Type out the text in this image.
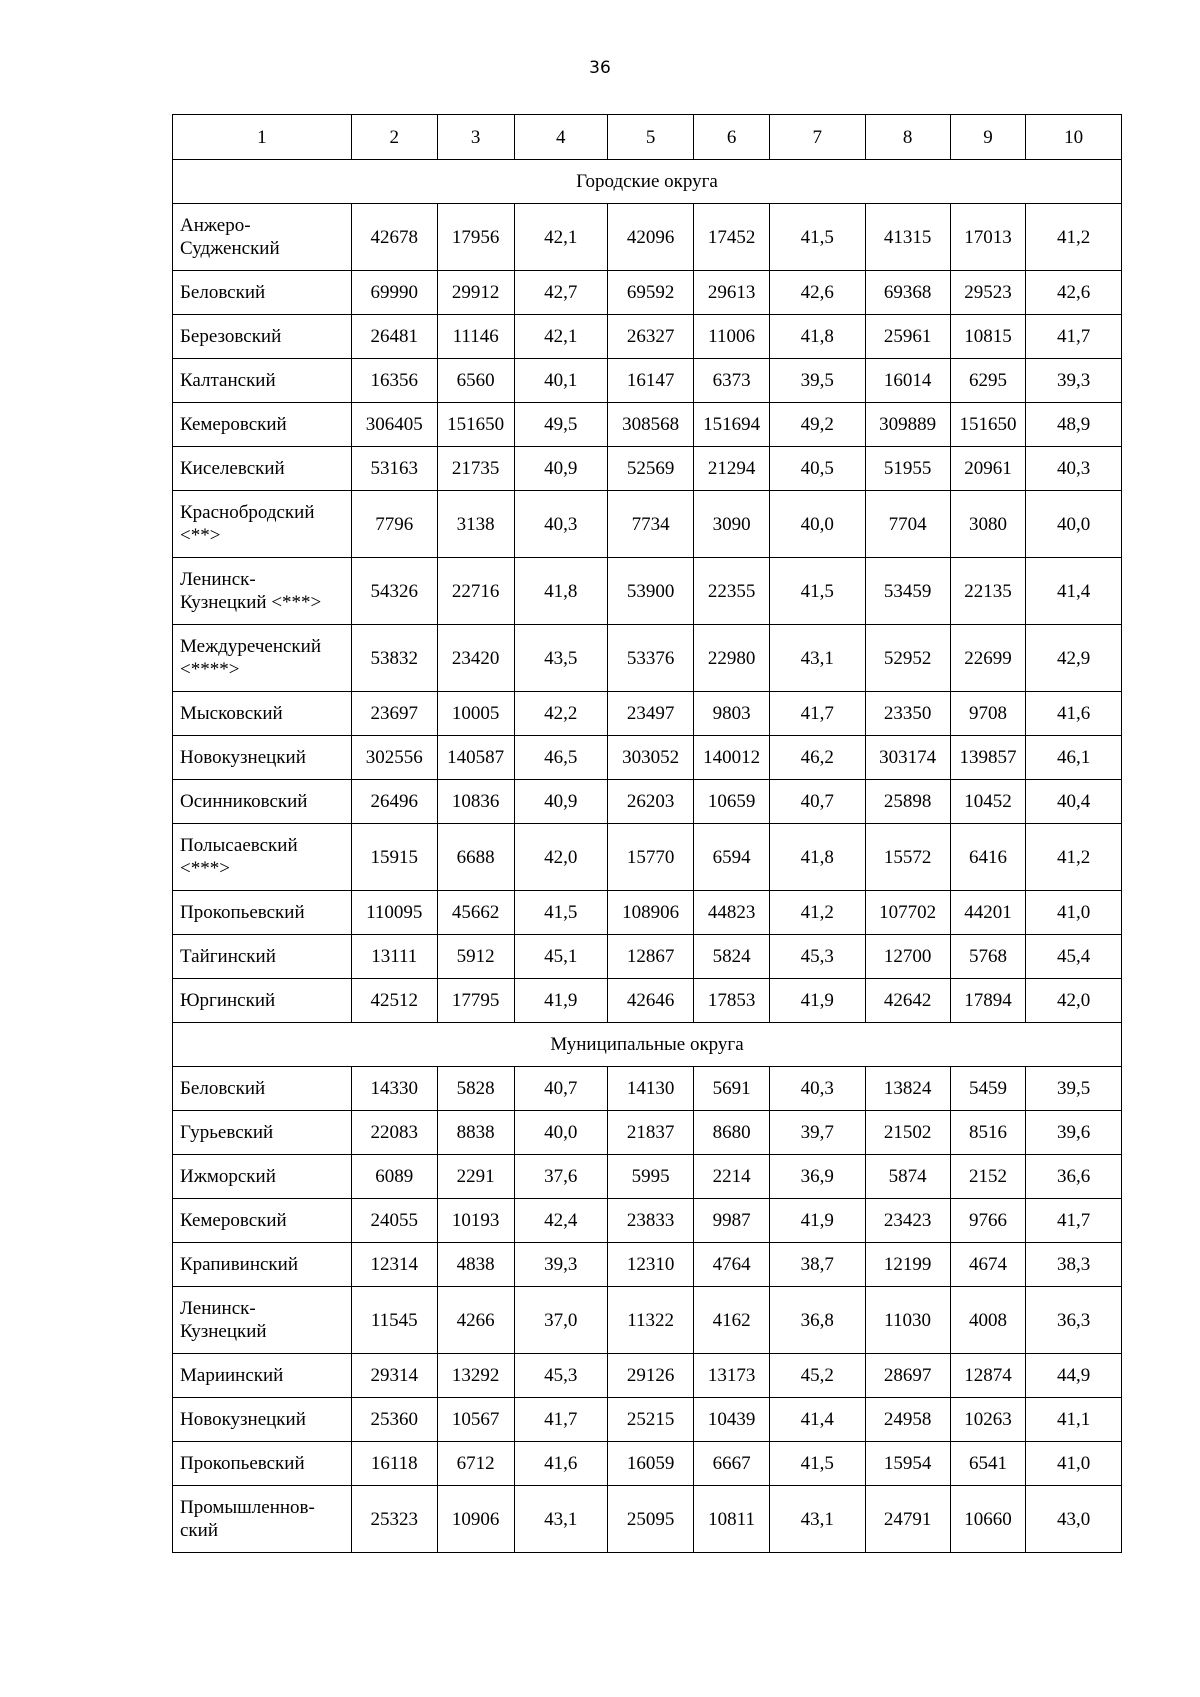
36
1	2	3	4	5	6	7	8	9	10
Городские округа									
Анжеро-
Судженский	42678	17956	42,1	42096	17452	41,5	41315	17013	41,2
Беловский	69990	29912	42,7	69592	29613	42,6	69368	29523	42,6
Березовский	26481	11146	42,1	26327	11006	41,8	25961	10815	41,7
Калтанский	16356	6560	40,1	16147	6373	39,5	16014	6295	39,3
Кемеровский	306405	151650	49,5	308568	151694	49,2	309889	151650	48,9
Киселевский	53163	21735	40,9	52569	21294	40,5	51955	20961	40,3
Краснобродский
<**>	7796	3138	40,3	7734	3090	40,0	7704	3080	40,0
Ленинск-
Кузнецкий <***>	54326	22716	41,8	53900	22355	41,5	53459	22135	41,4
Междуреченский
<****>	53832	23420	43,5	53376	22980	43,1	52952	22699	42,9
Мысковский	23697	10005	42,2	23497	9803	41,7	23350	9708	41,6
Новокузнецкий	302556	140587	46,5	303052	140012	46,2	303174	139857	46,1
Осинниковский	26496	10836	40,9	26203	10659	40,7	25898	10452	40,4
Полысаевский
<***>	15915	6688	42,0	15770	6594	41,8	15572	6416	41,2
Прокопьевский	110095	45662	41,5	108906	44823	41,2	107702	44201	41,0
Тайгинский	13111	5912	45,1	12867	5824	45,3	12700	5768	45,4
Юргинский	42512	17795	41,9	42646	17853	41,9	42642	17894	42,0
Муниципальные округа									
Беловский	14330	5828	40,7	14130	5691	40,3	13824	5459	39,5
Гурьевский	22083	8838	40,0	21837	8680	39,7	21502	8516	39,6
Ижморский	6089	2291	37,6	5995	2214	36,9	5874	2152	36,6
Кемеровский	24055	10193	42,4	23833	9987	41,9	23423	9766	41,7
Крапивинский	12314	4838	39,3	12310	4764	38,7	12199	4674	38,3
Ленинск-
Кузнецкий	11545	4266	37,0	11322	4162	36,8	11030	4008	36,3
Мариинский	29314	13292	45,3	29126	13173	45,2	28697	12874	44,9
Новокузнецкий	25360	10567	41,7	25215	10439	41,4	24958	10263	41,1
Прокопьевский	16118	6712	41,6	16059	6667	41,5	15954	6541	41,0
Промышленнов-
ский	25323	10906	43,1	25095	10811	43,1	24791	10660	43,0
